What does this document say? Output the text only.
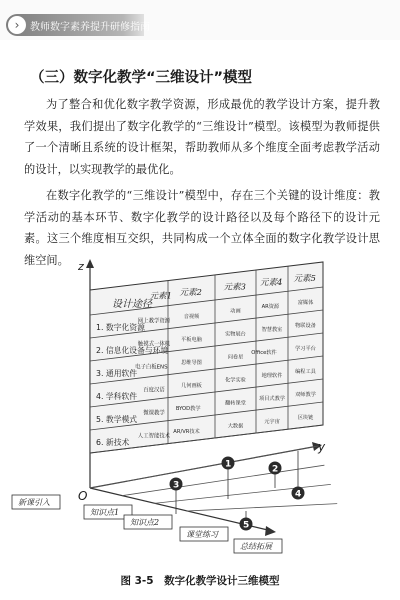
›	教师数字素养提升研修指南
（三）数字化教学“三维设计”模型
为了整合和优化数字教学资源，形成最优的教学设计方案，提升教学效果，我们提出了数字化教学的“三维设计”模型。该模型为教师提供了一个清晰且系统的设计框架，帮助教师从多个维度全面考虑教学活动的设计，以实现教学的最优化。
在数字化教学的“三维设计”模型中，存在三个关键的设计维度：教学活动的基本环节、数字化教学的设计路径以及每个路径下的设计元素。这三个维度相互交织，共同构成一个立体全面的数字化教学设计思维空间。 z
y
O
设计途径
元素1 元素2
元素3 元素4 元素5
1. 数字化资源
网上教学资源
音视频
动画
AR资源
富媒体
2. 信息化设备与环境
触摸式一体机
平板电脑
实物展台
智慧教室
物联设备
3. 通用软件
电子白板ENS
思维导图
问卷星
Office软件
学习平台
4. 学科软件
百度汉语
几何画板
化学实验
地理软件
编程工具
5. 教学模式
微课教学
BYOD教学
翻转课堂
项目式教学
双师教学
6. 新技术
人工智能技术
AR/VR技术
大数据
元宇宙
区块链
新课引入
知识点1
知识点2
课堂练习
总结拓展
1	2
3
4
5
图 3-5　数字化教学设计三维模型
